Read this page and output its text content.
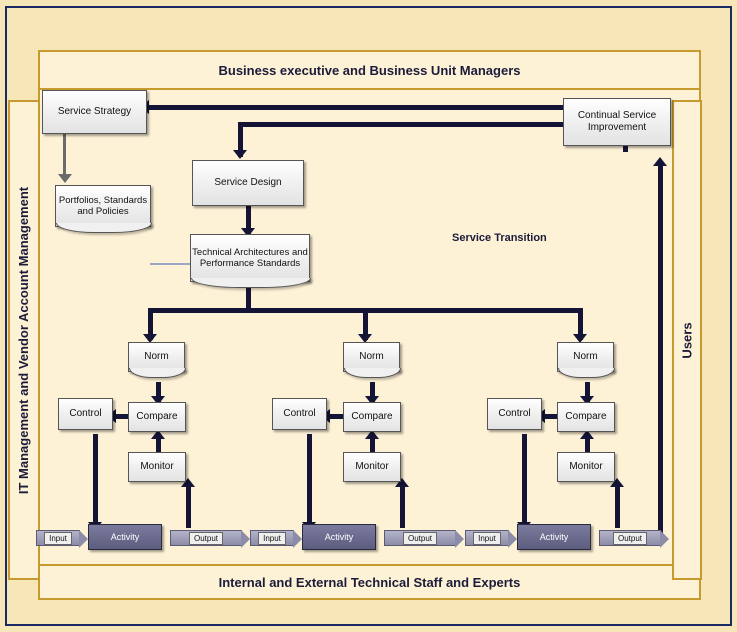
Business executive and Business Unit Managers
Internal and External Technical Staff and Experts
IT Management and Vendor Account Management	Users
Service Strategy
Portfolios, Standards and Policies
Service Design
Technical Architectures and Performance Standards
Continual Service Improvement
Service Transition
Norm
Control	Compare
Monitor
Activity
Input	Output
Norm
Control	Compare
Monitor
Activity
Input	Output
Norm
Control	Compare
Monitor
Activity
Input	Output
